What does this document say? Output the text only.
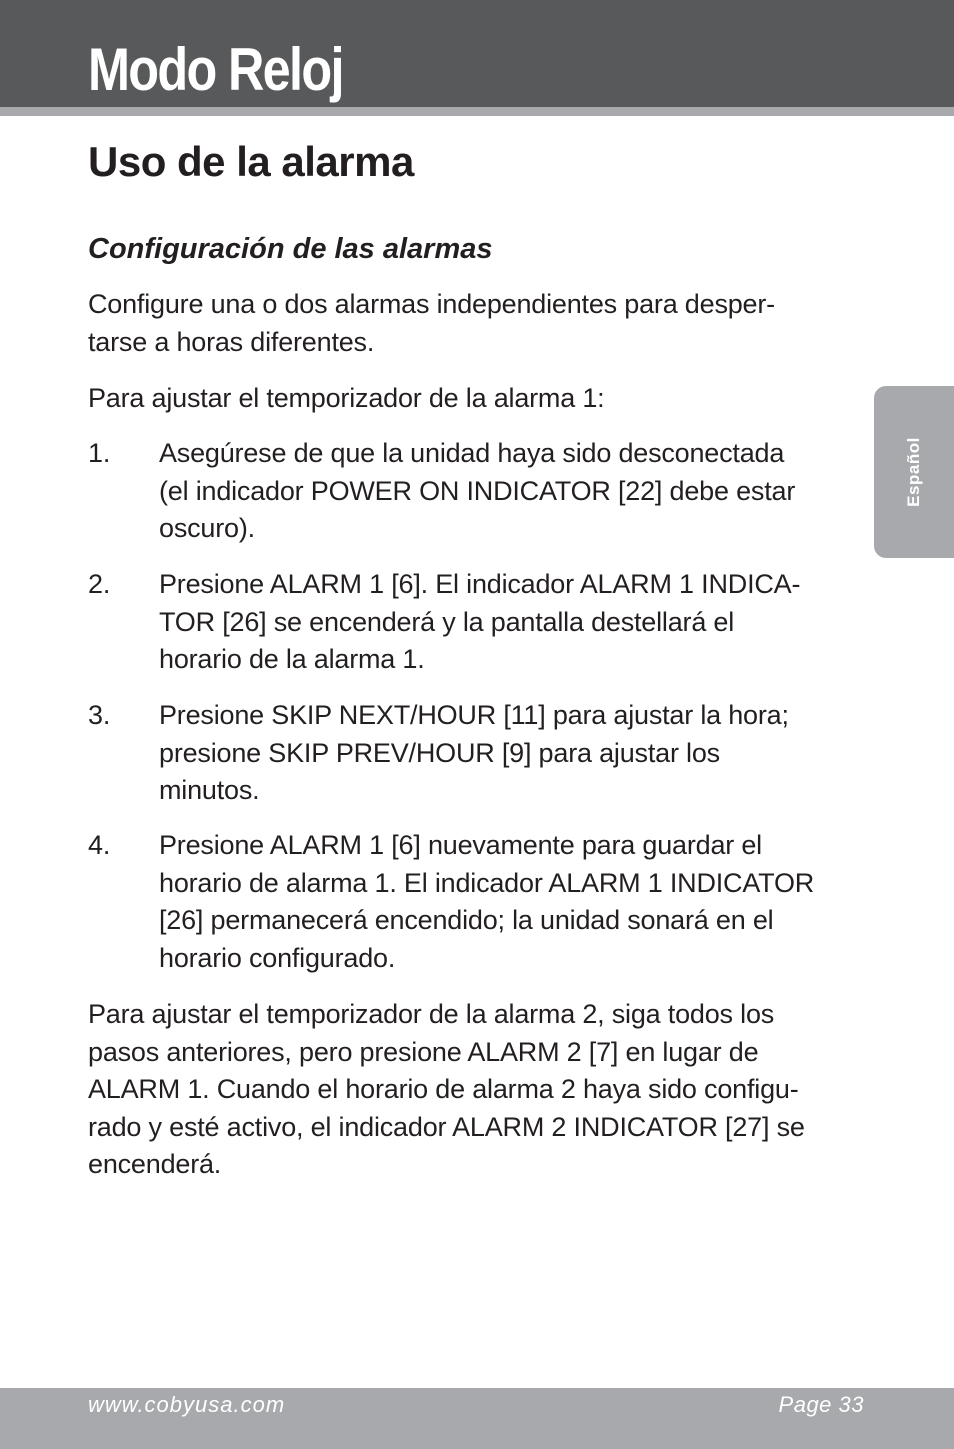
Modo Reloj
Uso de la alarma
Configuración de las alarmas

Configure una o dos alarmas independientes para desper-
tarse a horas diferentes.

Para ajustar el temporizador de la alarma 1:

1. Asegúrese de que la unidad haya sido desconectada
(el indicador POWER ON INDICATOR [22] debe estar
oscuro).
2. Presione ALARM 1 [6]. El indicador ALARM 1 INDICA-
TOR [26] se encenderá y la pantalla destellará el
horario de la alarma 1.
3. Presione SKIP NEXT/HOUR [11] para ajustar la hora;
presione SKIP PREV/HOUR [9] para ajustar los
minutos.
4. Presione ALARM 1 [6] nuevamente para guardar el
horario de alarma 1. El indicador ALARM 1 INDICATOR
[26] permanecerá encendido; la unidad sonará en el
horario configurado.

Para ajustar el temporizador de la alarma 2, siga todos los
pasos anteriores, pero presione ALARM 2 [7] en lugar de
ALARM 1. Cuando el horario de alarma 2 haya sido configu-
rado y esté activo, el indicador ALARM 2 INDICATOR [27] se
encenderá.

Español
www.cobyusa.com	Page 33
